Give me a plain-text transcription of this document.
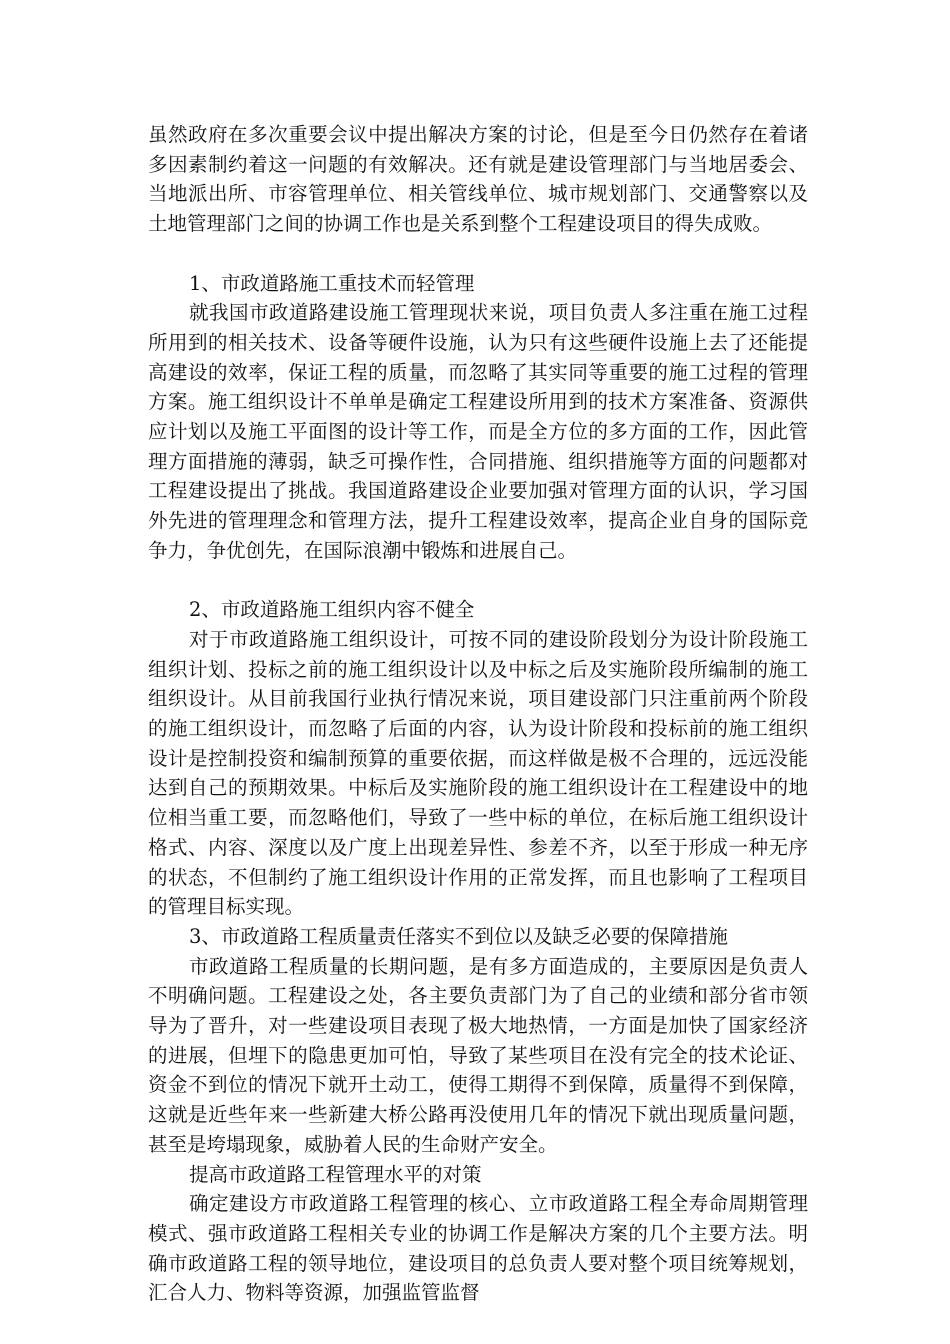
虽然政府在多次重要会议中提出解决方案的讨论，但是至今日仍然存在着诸多因素制约着这一问题的有效解决。还有就是建设管理部门与当地居委会、当地派出所、市容管理单位、相关管线单位、城市规划部门、交通警察以及土地管理部门之间的协调工作也是关系到整个工程建设项目的得失成败。

1、市政道路施工重技术而轻管理

就我国市政道路建设施工管理现状来说，项目负责人多注重在施工过程所用到的相关技术、设备等硬件设施，认为只有这些硬件设施上去了还能提高建设的效率，保证工程的质量，而忽略了其实同等重要的施工过程的管理方案。施工组织设计不单单是确定工程建设所用到的技术方案准备、资源供应计划以及施工平面图的设计等工作，而是全方位的多方面的工作，因此管理方面措施的薄弱，缺乏可操作性，合同措施、组织措施等方面的问题都对工程建设提出了挑战。我国道路建设企业要加强对管理方面的认识，学习国外先进的管理理念和管理方法，提升工程建设效率，提高企业自身的国际竞争力，争优创先，在国际浪潮中锻炼和进展自己。

2、市政道路施工组织内容不健全

对于市政道路施工组织设计，可按不同的建设阶段划分为设计阶段施工组织计划、投标之前的施工组织设计以及中标之后及实施阶段所编制的施工组织设计。从目前我国行业执行情况来说，项目建设部门只注重前两个阶段的施工组织设计，而忽略了后面的内容，认为设计阶段和投标前的施工组织设计是控制投资和编制预算的重要依据，而这样做是极不合理的，远远没能达到自己的预期效果。中标后及实施阶段的施工组织设计在工程建设中的地位相当重工要，而忽略他们，导致了一些中标的单位，在标后施工组织设计格式、内容、深度以及广度上出现差异性、参差不齐，以至于形成一种无序的状态，不但制约了施工组织设计作用的正常发挥，而且也影响了工程项目的管理目标实现。

3、市政道路工程质量责任落实不到位以及缺乏必要的保障措施

市政道路工程质量的长期问题，是有多方面造成的，主要原因是负责人不明确问题。工程建设之处，各主要负责部门为了自己的业绩和部分省市领导为了晋升，对一些建设项目表现了极大地热情，一方面是加快了国家经济的进展，但埋下的隐患更加可怕，导致了某些项目在没有完全的技术论证、资金不到位的情况下就开土动工，使得工期得不到保障，质量得不到保障，这就是近些年来一些新建大桥公路再没使用几年的情况下就出现质量问题，甚至是垮塌现象，威胁着人民的生命财产安全。

提高市政道路工程管理水平的对策

确定建设方市政道路工程管理的核心、立市政道路工程全寿命周期管理模式、强市政道路工程相关专业的协调工作是解决方案的几个主要方法。明确市政道路工程的领导地位，建设项目的总负责人要对整个项目统筹规划，汇合人力、物料等资源，加强监管监督
